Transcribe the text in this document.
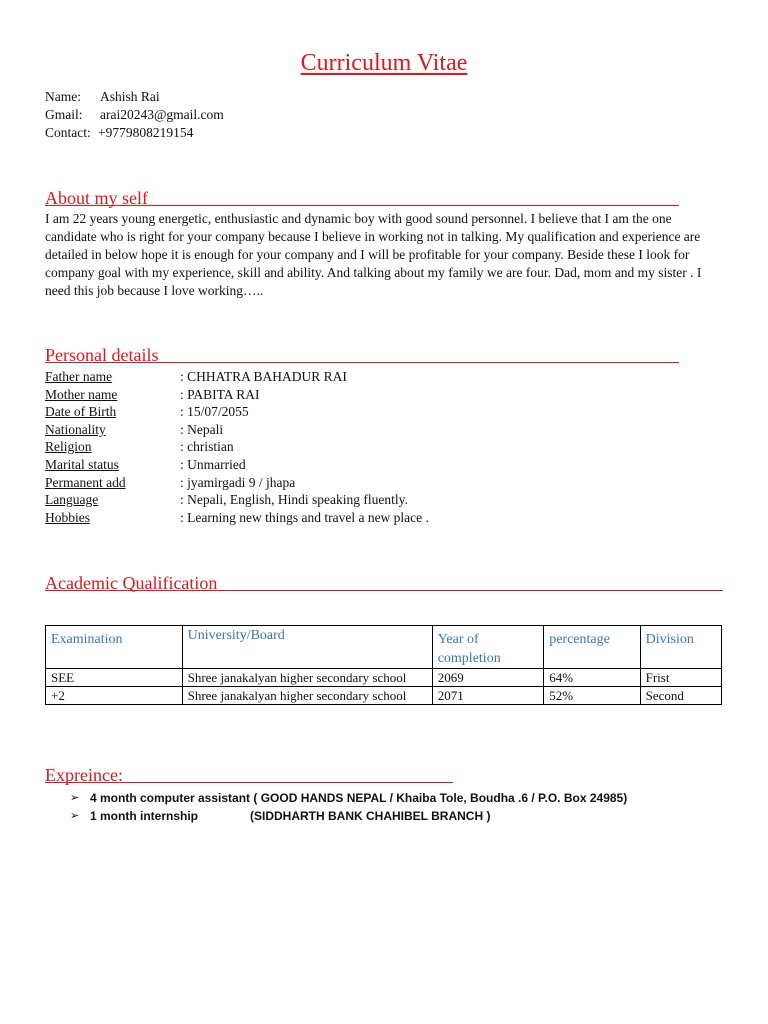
Curriculum Vitae
Name:	Ashish Rai
Gmail:	arai20243@gmail.com
Contact: +9779808219154
About my self
I am 22 years young energetic, enthusiastic and dynamic boy with good sound personnel. I believe that I am the one candidate who is right for your company because I believe in working not in talking. My qualification and experience are detailed in below hope it is enough for your company and I will be profitable for your company. Beside these I look for company goal with my experience, skill and ability. And talking about my family we are four. Dad, mom and my sister . I need this job because I love working…..
Personal details
Father name	: CHHATRA BAHADUR RAI
Mother name	: PABITA RAI
Date of Birth	: 15/07/2055
Nationality	: Nepali
Religion	: christian
Marital status	: Unmarried
Permanent add	: jyamirgadi 9 / jhapa
Language	: Nepali, English, Hindi speaking fluently.
Hobbies	: Learning new things and travel a new place .
Academic Qualification
Examination	University/Board	Year of completion	percentage	Division
SEE	Shree janakalyan higher secondary school	2069	64%	Frist
+2	Shree janakalyan higher secondary school	2071	52%	Second
Expreince:
➢ 4 month computer assistant ( GOOD HANDS NEPAL / Khaiba Tole, Boudha .6 / P.O. Box 24985)
➢ 1 month internship	(SIDDHARTH BANK CHAHIBEL BRANCH )
